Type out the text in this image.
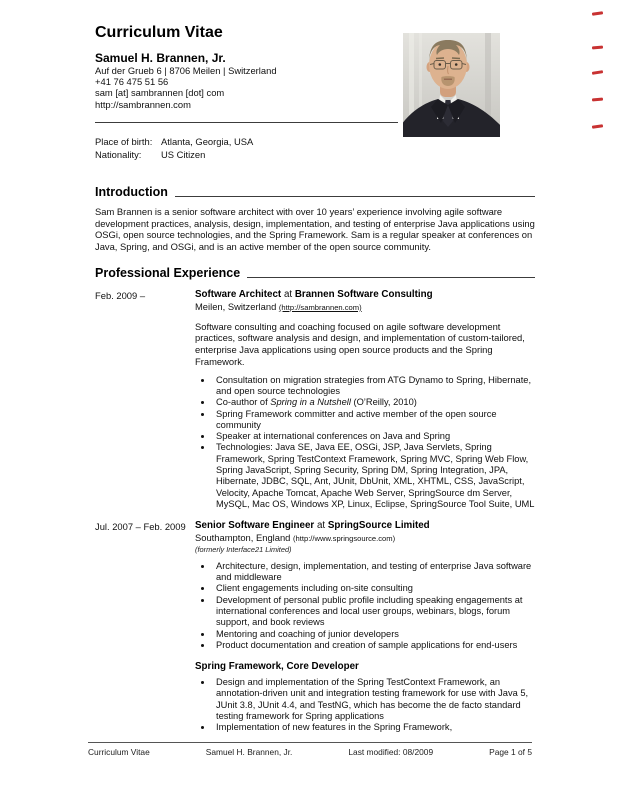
Curriculum Vitae
Samuel H. Brannen, Jr.
Auf der Grueb 6 | 8706 Meilen | Switzerland
+41 76 475 51 56
sam [at] sambrannen [dot] com
http://sambrannen.com
Place of birth: Atlanta, Georgia, USA
Nationality:	US Citizen
Introduction

Sam Brannen is a senior software architect with over 10 years’ experience involving agile software development practices, analysis, design, implementation, and testing of enterprise Java applications using OSGi, open source technologies, and the Spring Framework. Sam is a regular speaker at conferences on Java, Spring, and OSGi, and is an active member of the open source community.

Professional Experience
Feb. 2009 –	Software Architect at Brannen Software Consulting
Meilen, Switzerland (http://sambrannen.com)

Software consulting and coaching focused on agile software development practices, software analysis and design, and implementation of custom-tailored, enterprise Java applications using open source products and the Spring Framework.

• Consultation on migration strategies from ATG Dynamo to Spring, Hibernate, and open source technologies
• Co-author of Spring in a Nutshell (O’Reilly, 2010)
• Spring Framework committer and active member of the open source community
• Speaker at international conferences on Java and Spring
• Technologies: Java SE, Java EE, OSGi, JSP, Java Servlets, Spring Framework, Spring TestContext Framework, Spring MVC, Spring Web Flow, Spring JavaScript, Spring Security, Spring DM, Spring Integration, JPA, Hibernate, JDBC, SQL, Ant, JUnit, DbUnit, XML, XHTML, CSS, JavaScript, Velocity, Apache Tomcat, Apache Web Server, SpringSource dm Server, MySQL, Mac OS, Windows XP, Linux, Eclipse, SpringSource Tool Suite, UML
Jul. 2007 – Feb. 2009 Senior Software Engineer at SpringSource Limited
Southampton, England (http://www.springsource.com)
(formerly Interface21 Limited)
• Architecture, design, implementation, and testing of enterprise Java software and middleware
• Client engagements including on-site consulting
• Development of personal public profile including speaking engagements at international conferences and local user groups, webinars, blogs, forum support, and book reviews
• Mentoring and coaching of junior developers
• Product documentation and creation of sample applications for end-users
Spring Framework, Core Developer
• Design and implementation of the Spring TestContext Framework, an annotation-driven unit and integration testing framework for use with Java 5, JUnit 3.8, JUnit 4.4, and TestNG, which has become the de facto standard testing framework for Spring applications
• Implementation of new features in the Spring Framework,
Curriculum Vitae	Samuel H. Brannen, Jr.	Last modified: 08/2009	Page 1 of 5
